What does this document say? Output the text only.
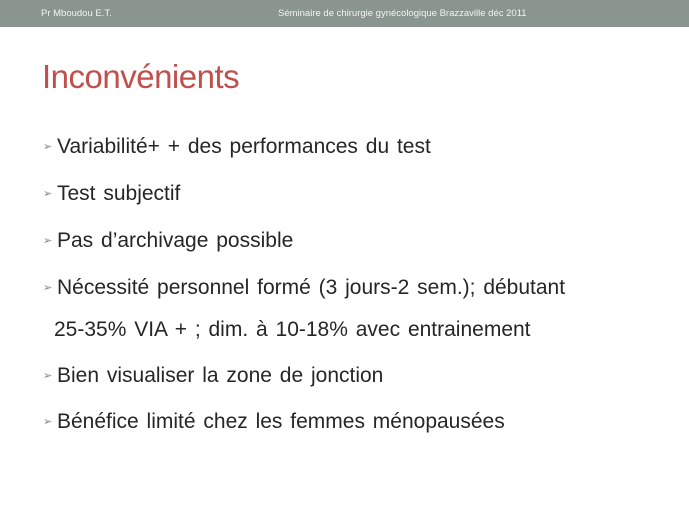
Pr Mboudou E.T.	Séminaire de chirurgie gynécologique Brazzaville déc 2011
Inconvénients
➢ Variabilité+ + des performances du test
➢ Test subjectif
➢ Pas d’archivage possible
➢ Nécessité personnel formé (3 jours-2 sem.); débutant
25-35% VIA + ; dim. à 10-18% avec entrainement
➢ Bien visualiser la zone de jonction
➢ Bénéfice limité chez les femmes ménopausées
